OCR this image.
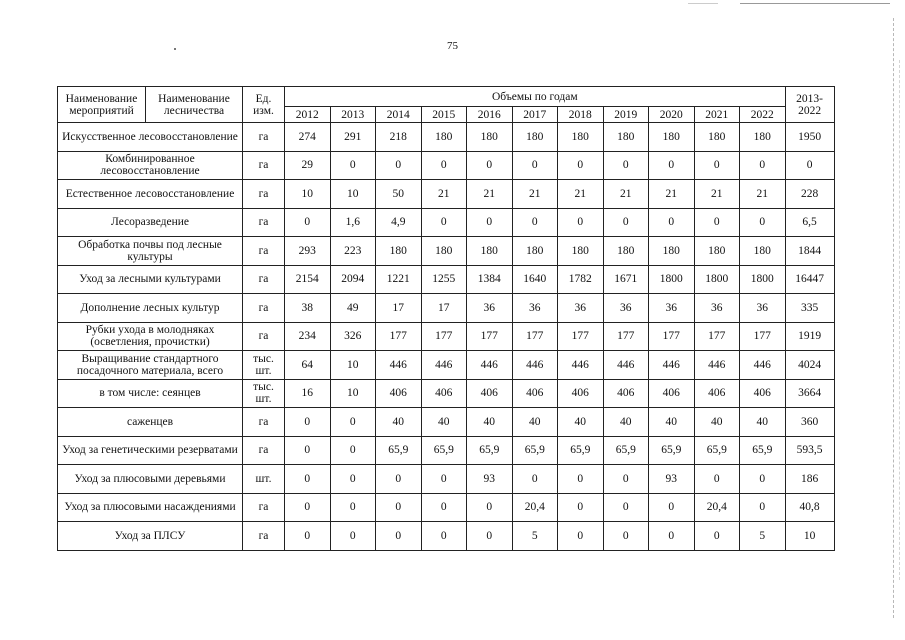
75
Наименование мероприятий	Наименование лесничества	Ед. изм.	Объемы по годам											2013-2022
			2012	2013	2014	2015	2016	2017	2018	2019	2020	2021	2022	
Искусственное лесовосстановление		га	274	291	218	180	180	180	180	180	180	180	180	1950
Комбинированное лесовосстановление		га	29	0	0	0	0	0	0	0	0	0	0	0
Естественное лесовосстановление		га	10	10	50	21	21	21	21	21	21	21	21	228
Лесоразведение		га	0	1,6	4,9	0	0	0	0	0	0	0	0	6,5
Обработка почвы под лесные культуры		га	293	223	180	180	180	180	180	180	180	180	180	1844
Уход за лесными культурами		га	2154	2094	1221	1255	1384	1640	1782	1671	1800	1800	1800	16447
Дополнение лесных культур		га	38	49	17	17	36	36	36	36	36	36	36	335
Рубки ухода в молодняках (осветления, прочистки)		га	234	326	177	177	177	177	177	177	177	177	177	1919
Выращивание стандартного посадочного материала, всего		тыс. шт.	64	10	446	446	446	446	446	446	446	446	446	4024
в том числе: сеянцев		тыс. шт.	16	10	406	406	406	406	406	406	406	406	406	3664
саженцев		га	0	0	40	40	40	40	40	40	40	40	40	360
Уход за генетическими резерватами		га	0	0	65,9	65,9	65,9	65,9	65,9	65,9	65,9	65,9	65,9	593,5
Уход за плюсовыми деревьями		шт.	0	0	0	0	93	0	0	0	93	0	0	186
Уход за плюсовыми насаждениями		га	0	0	0	0	0	20,4	0	0	0	20,4	0	40,8
Уход за ПЛСУ		га	0	0	0	0	0	5	0	0	0	0	5	10
